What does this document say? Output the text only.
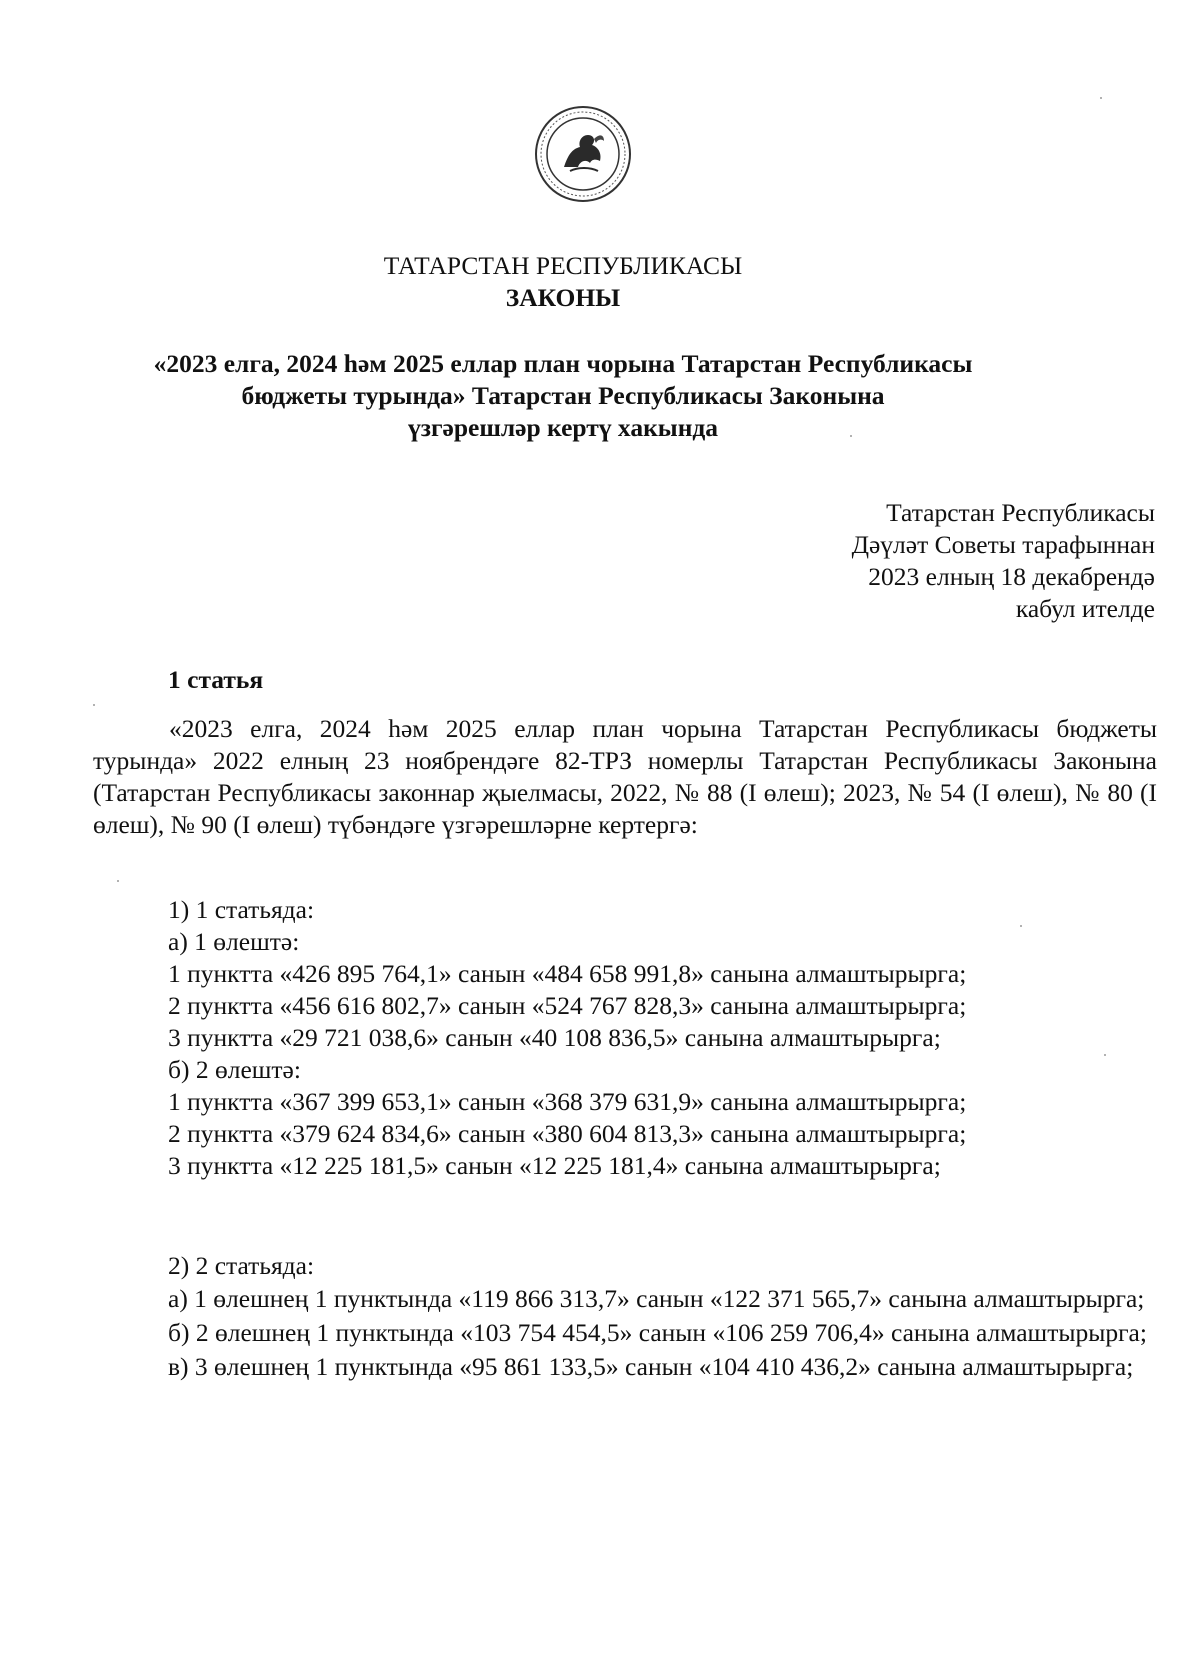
ТАТАРСТАН РЕСПУБЛИКАСЫ
ЗАКОНЫ
«2023 елга, 2024 һәм 2025 еллар план чорына Татарстан Республикасы
бюджеты турында» Татарстан Республикасы Законына
үзгәрешләр кертү хакында
Татарстан Республикасы
Дәүләт Советы тарафыннан
2023 елның 18 декабрендә
кабул ителде
1 статья

«2023 елга, 2024 һәм 2025 еллар план чорына Татарстан Республикасы бюджеты турында» 2022 елның 23 ноябрендәге 82-ТРЗ номерлы Татарстан Республикасы Законына (Татарстан Республикасы законнар җыелмасы, 2022, № 88 (I өлеш); 2023, № 54 (I өлеш), № 80 (I өлеш), № 90 (I өлеш) түбәндәге үзгәрешләрне кертергә:

1) 1 статьяда:
а) 1 өлештә:
1 пунктта «426 895 764,1» санын «484 658 991,8» санына алмаштырырга;
2 пунктта «456 616 802,7» санын «524 767 828,3» санына алмаштырырга;
3 пунктта «29 721 038,6» санын «40 108 836,5» санына алмаштырырга;
б) 2 өлештә:
1 пунктта «367 399 653,1» санын «368 379 631,9» санына алмаштырырга;
2 пунктта «379 624 834,6» санын «380 604 813,3» санына алмаштырырга;
3 пунктта «12 225 181,5» санын «12 225 181,4» санына алмаштырырга;
2) 2 статьяда:

а) 1 өлешнең 1 пунктында «119 866 313,7» санын «122 371 565,7» санына алмаштырырга;

б) 2 өлешнең 1 пунктында «103 754 454,5» санын «106 259 706,4» санына алмаштырырга;

в) 3 өлешнең 1 пунктында «95 861 133,5» санын «104 410 436,2» санына алмаштырырга;
